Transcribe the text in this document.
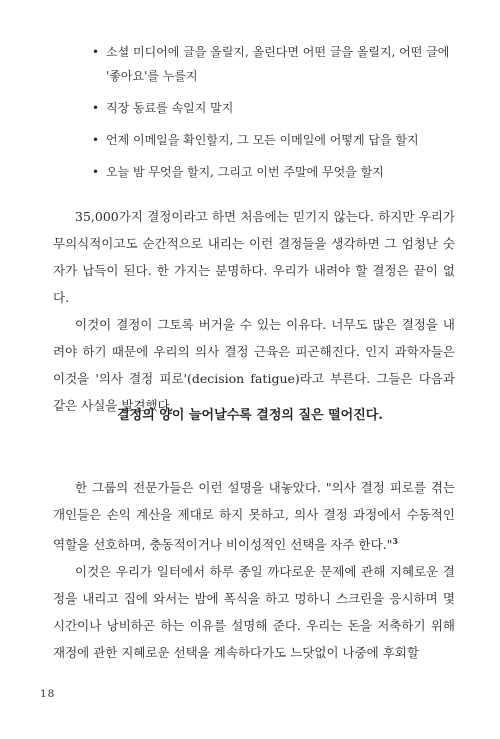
• 소셜 미디어에 글을 올릴지, 올린다면 어떤 글을 올릴지, 어떤 글에 '좋아요'를 누를지
• 직장 동료를 속일지 말지
• 언제 이메일을 확인할지, 그 모든 이메일에 어떻게 답을 할지
• 오늘 밤 무엇을 할지, 그리고 이번 주말에 무엇을 할지

35,000가지 결정이라고 하면 처음에는 믿기지 않는다. 하지만 우리가 무의식적이고도 순간적으로 내리는 이런 결정들을 생각하면 그 엄청난 숫자가 납득이 된다. 한 가지는 분명하다. 우리가 내려야 할 결정은 끝이 없다.

이것이 결정이 그토록 버거울 수 있는 이유다. 너무도 많은 결정을 내려야 하기 때문에 우리의 의사 결정 근육은 피곤해진다. 인지 과학자들은 이것을 '의사 결정 피로'(decision fatigue)라고 부른다. 그들은 다음과 같은 사실을 발견했다.

결정의 양이 늘어날수록 결정의 질은 떨어진다.

한 그룹의 전문가들은 이런 설명을 내놓았다. "의사 결정 피로를 겪는 개인들은 손익 계산을 제대로 하지 못하고, 의사 결정 과정에서 수동적인 역할을 선호하며, 충동적이거나 비이성적인 선택을 자주 한다."$^3$

이것은 우리가 일터에서 하루 종일 까다로운 문제에 관해 지혜로운 결정을 내리고 집에 와서는 밤에 폭식을 하고 멍하니 스크린을 응시하며 몇 시간이나 낭비하곤 하는 이유를 설명해 준다. 우리는 돈을 저축하기 위해 재정에 관한 지혜로운 선택을 계속하다가도 느닷없이 나중에 후회할

18
